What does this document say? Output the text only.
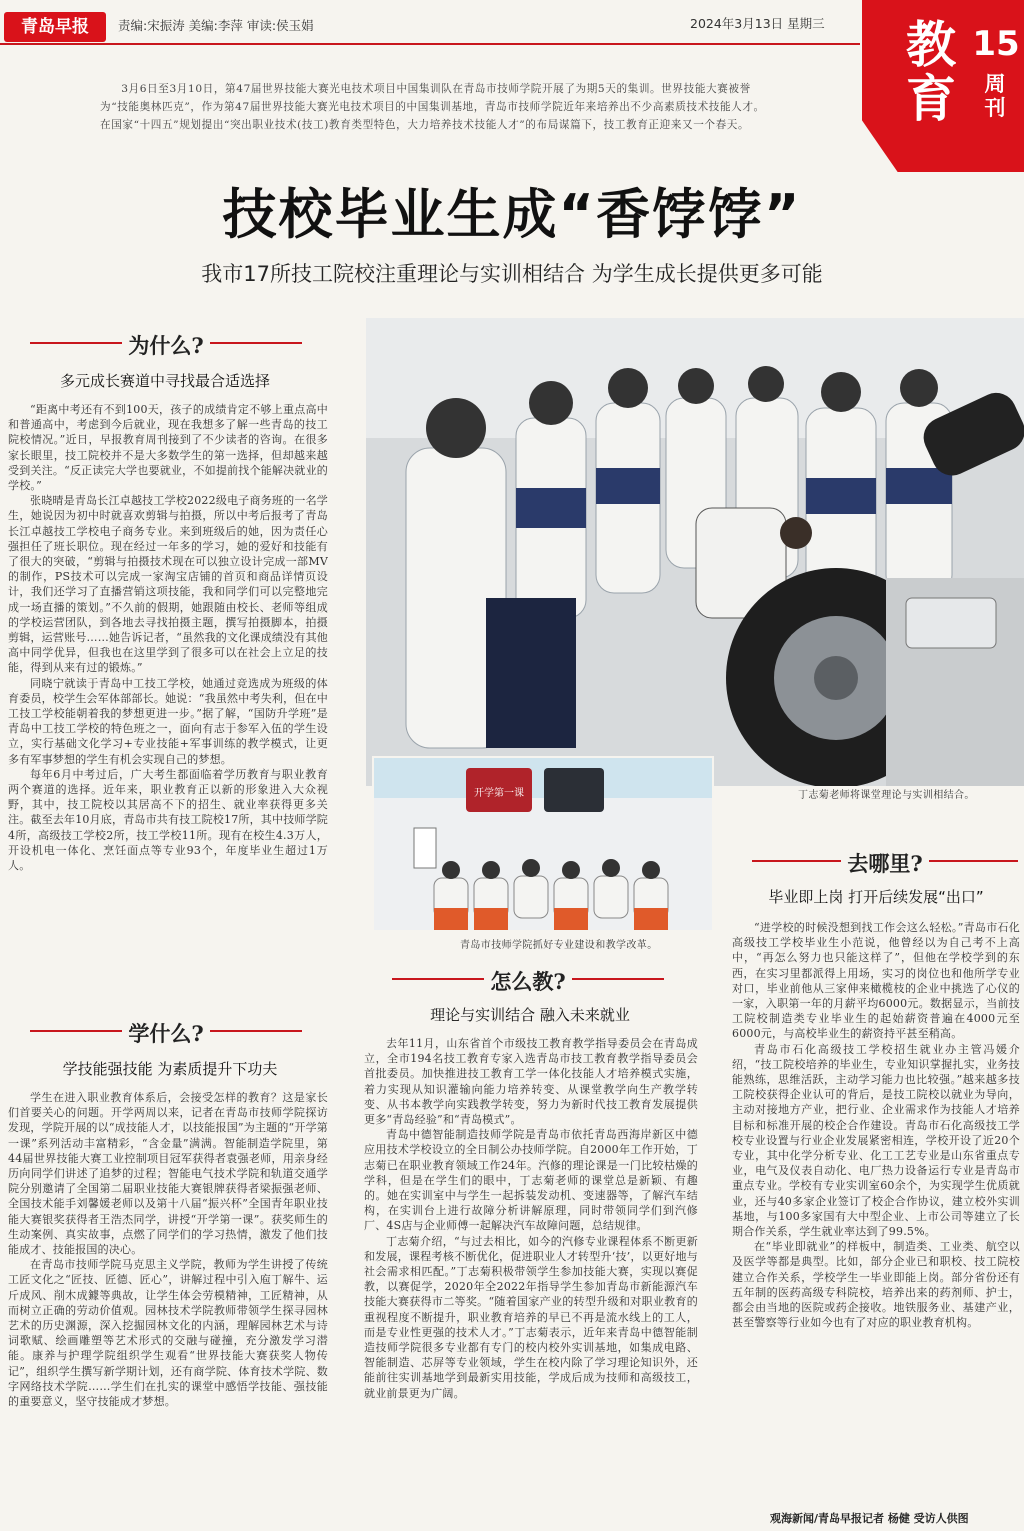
青岛早报	责编:宋振涛 美编:李萍 审读:侯玉娟	2024年3月13日 星期三 教育
15
周刊
3月6日至3月10日，第47届世界技能大赛光电技术项目中国集训队在青岛市技师学院开展了为期5天的集训。世界技能大赛被誉为“技能奥林匹克”，作为第47届世界技能大赛光电技术项目的中国集训基地，青岛市技师学院近年来培养出不少高素质技术技能人才。在国家“十四五”规划提出“突出职业技术(技工)教育类型特色，大力培养技术技能人才”的布局谋篇下，技工教育正迎来又一个春天。
技校毕业生成“香饽饽”
我市17所技工院校注重理论与实训相结合 为学生成长提供更多可能
为什么?
多元成长赛道中寻找最合适选择

“距离中考还有不到100天，孩子的成绩肯定不够上重点高中和普通高中，考虑到今后就业，现在我想多了解一些青岛的技工院校情况。”近日，早报教育周刊接到了不少读者的咨询。在很多家长眼里，技工院校并不是大多数学生的第一选择，但却越来越受到关注。“反正读完大学也要就业，不如提前找个能解决就业的学校。”

张晓晴是青岛长江卓越技工学校2022级电子商务班的一名学生，她说因为初中时就喜欢剪辑与拍摄，所以中考后报考了青岛长江卓越技工学校电子商务专业。来到班级后的她，因为责任心强担任了班长职位。现在经过一年多的学习，她的爱好和技能有了很大的突破，“剪辑与拍摄技术现在可以独立设计完成一部MV的制作，PS技术可以完成一家淘宝店铺的首页和商品详情页设计，我们还学习了直播营销这项技能，我和同学们可以完整地完成一场直播的策划。”不久前的假期，她跟随由校长、老师等组成的学校运营团队，到各地去寻找拍摄主题，撰写拍摄脚本，拍摄剪辑，运营账号……她告诉记者，“虽然我的文化课成绩没有其他高中同学优异，但我也在这里学到了很多可以在社会上立足的技能，得到从来有过的锻炼。”

同晓宁就读于青岛中工技工学校，她通过竞选成为班级的体育委员，校学生会军体部部长。她说：“我虽然中考失利，但在中工技工学校能朝着我的梦想更进一步。”据了解，“国防升学班”是青岛中工技工学校的特色班之一，面向有志于参军入伍的学生设立，实行基础文化学习+专业技能+军事训练的教学模式，让更多有军事梦想的学生有机会实现自己的梦想。

每年6月中考过后，广大考生都面临着学历教育与职业教育两个赛道的选择。近年来，职业教育正以新的形象进入大众视野，其中，技工院校以其居高不下的招生、就业率获得更多关注。截至去年10月底，青岛市共有技工院校17所，其中技师学院4所，高级技工学校2所，技工学校11所。现有在校生4.3万人，开设机电一体化、烹饪面点等专业93个，年度毕业生超过1万人。

学什么?
学技能强技能 为素质提升下功夫

学生在进入职业教育体系后，会接受怎样的教育？这是家长们首要关心的问题。开学两周以来，记者在青岛市技师学院探访发现，学院开展的以“成技能人才，以技能报国”为主题的“开学第一课”系列活动丰富精彩，“含金量”满满。智能制造学院里，第44届世界技能大赛工业控制项目冠军获得者袁强老师，用亲身经历向同学们讲述了追梦的过程；智能电气技术学院和轨道交通学院分别邀请了全国第二届职业技能大赛银牌获得者梁振强老师、全国技术能手刘馨媛老师以及第十八届“振兴杯”全国青年职业技能大赛银奖获得者王浩杰同学，讲授“开学第一课”。获奖师生的生动案例、真实故事，点燃了同学们的学习热情，激发了他们技能成才、技能报国的决心。

在青岛市技师学院马克思主义学院，教师为学生讲授了传统工匠文化之“匠技、匠德、匠心”，讲解过程中引入庖丁解牛、运斤成风、削木成鐻等典故，让学生体会劳模精神，工匠精神，从而树立正确的劳动价值观。园林技术学院教师带领学生探寻园林艺术的历史渊源，深入挖掘园林文化的内涵，理解园林艺术与诗词歌赋、绘画雕塑等艺术形式的交融与碰撞，充分激发学习潜能。康养与护理学院组织学生观看“世界技能大赛获奖人物传记”，组织学生撰写新学期计划，还有商学院、体育技术学院、数字网络技术学院……学生们在扎实的课堂中感悟学技能、强技能的重要意义，坚守技能成才梦想。

丁志菊老师将课堂理论与实训相结合。
开学第一课
青岛市技师学院抓好专业建设和教学改革。
怎么教?
理论与实训结合 融入未来就业

去年11月，山东省首个市级技工教育教学指导委员会在青岛成立，全市194名技工教育专家入选青岛市技工教育教学指导委员会首批委员。加快推进技工教育工学一体化技能人才培养模式实施，着力实现从知识灌输向能力培养转变、从课堂教学向生产教学转变、从书本教学向实践教学转变，努力为新时代技工教育发展提供更多“青岛经验”和“青岛模式”。

青岛中德智能制造技师学院是青岛市依托青岛西海岸新区中德应用技术学校设立的全日制公办技师学院。自2000年工作开始，丁志菊已在职业教育领域工作24年。汽修的理论课是一门比较枯燥的学科，但是在学生们的眼中，丁志菊老师的课堂总是新颖、有趣的。她在实训室中与学生一起拆装发动机、变速器等，了解汽车结构，在实训台上进行故障分析讲解原理，同时带领同学们到汽修厂、4S店与企业师傅一起解决汽车故障问题，总结规律。

丁志菊介绍，“与过去相比，如今的汽修专业课程体系不断更新和发展，课程考核不断优化，促进职业人才转型升‘技’，以更好地与社会需求相匹配。”丁志菊积极带领学生参加技能大赛，实现以赛促教，以赛促学，2020年全2022年指导学生参加青岛市新能源汽车技能大赛获得市二等奖。“随着国家产业的转型升级和对职业教育的重视程度不断提升，职业教育培养的早已不再是流水线上的工人，而是专业性更强的技术人才。”丁志菊表示，近年来青岛中德智能制造技师学院很多专业都有专门的校内校外实训基地，如集成电路、智能制造、芯屏等专业领域，学生在校内除了学习理论知识外，还能前往实训基地学到最新实用技能，学成后成为技师和高级技工，就业前景更为广阔。

去哪里?
毕业即上岗 打开后续发展“出口”

“进学校的时候没想到找工作会这么轻松。”青岛市石化高级技工学校毕业生小范说，他曾经以为自己考不上高中，“再怎么努力也只能这样了”，但他在学校学到的东西，在实习里都派得上用场，实习的岗位也和他所学专业对口，毕业前他从三家伸来橄榄枝的企业中挑选了心仪的一家，入职第一年的月薪平均6000元。数据显示，当前技工院校制造类专业毕业生的起始薪资普遍在4000元至6000元，与高校毕业生的薪资持平甚至稍高。

青岛市石化高级技工学校招生就业办主管冯媛介绍，“技工院校培养的毕业生，专业知识掌握扎实，业务技能熟练，思维活跃，主动学习能力也比较强。”越来越多技工院校获得企业认可的背后，是技工院校以就业为导向，主动对接地方产业，把行业、企业需求作为技能人才培养目标和标准开展的校企合作建设。青岛市石化高级技工学校专业设置与行业企业发展紧密相连，学校开设了近20个专业，其中化学分析专业、化工工艺专业是山东省重点专业，电气及仪表自动化、电厂热力设备运行专业是青岛市重点专业。学校有专业实训室60余个，为实现学生优质就业，还与40多家企业签订了校企合作协议，建立校外实训基地，与100多家国有大中型企业、上市公司等建立了长期合作关系，学生就业率达到了99.5%。

在“毕业即就业”的样板中，制造类、工业类、航空以及医学等都是典型。比如，部分企业已和职校、技工院校建立合作关系，学校学生一毕业即能上岗。部分省份还有五年制的医药高级专科院校，培养出来的药剂师、护士，都会由当地的医院或药企接收。地铁服务业、基建产业，甚至警察等行业如今也有了对应的职业教育机构。

观海新闻/青岛早报记者 杨健 受访人供图
